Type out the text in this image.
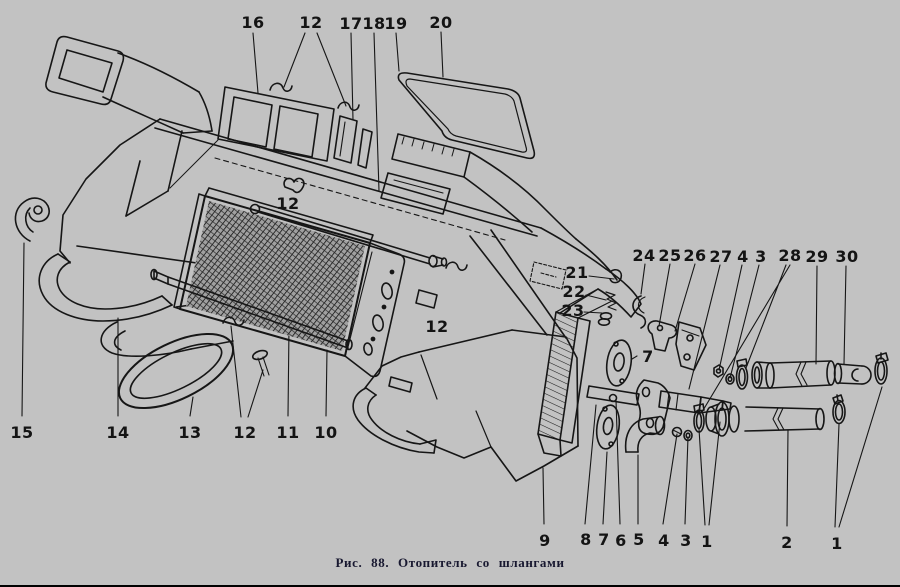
16 12 17 18
19 20
12
12
21
22
23
24 25 26 27 4 3 28 29 30
7
15	14	13 12 11 10
9 8 7 6 5 4 3 1	2 1
Рис. 88. Отопитель со шлангами
